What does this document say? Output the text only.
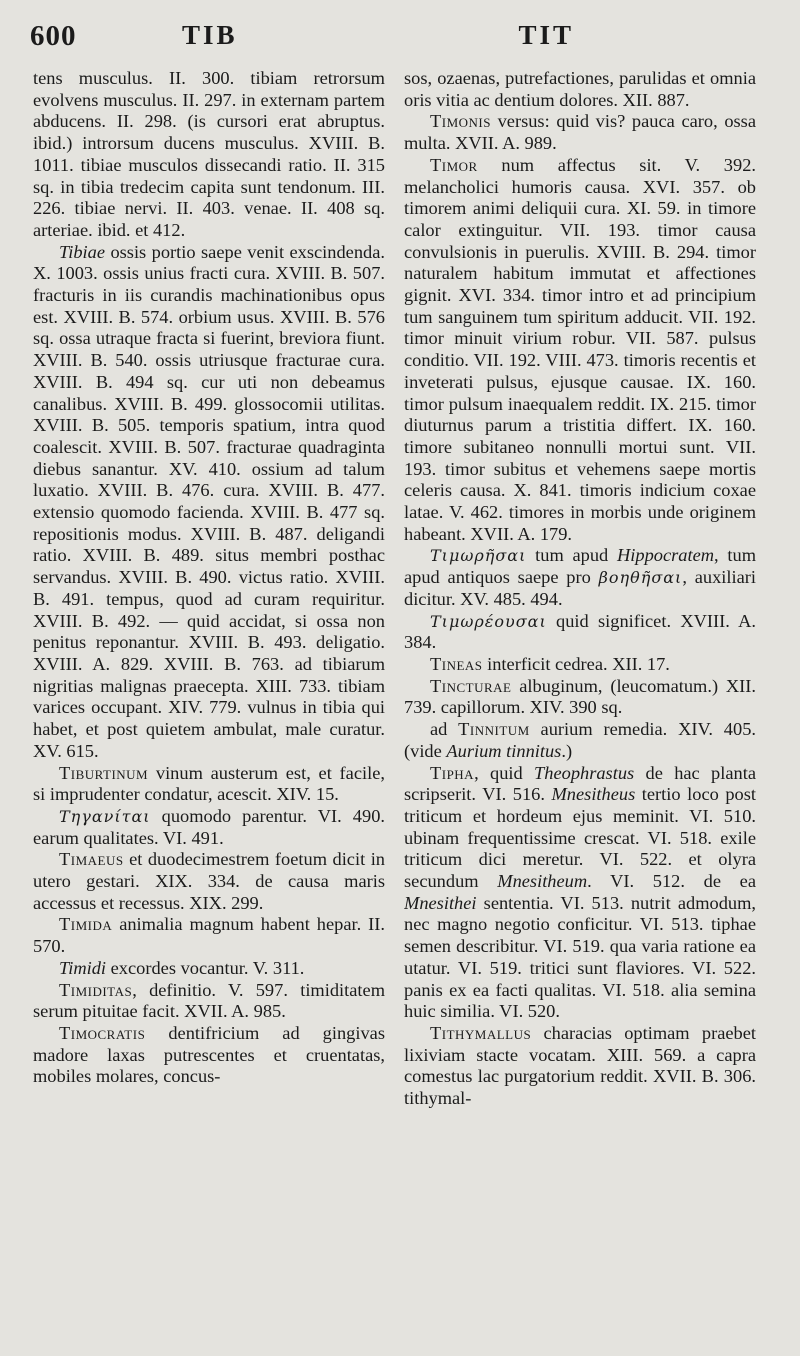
600	TIB	TIT

tens musculus. II. 300. tibiam retrorsum evolvens musculus. II. 297. in externam partem abducens. II. 298. (is cursori erat abruptus. ibid.) introrsum ducens musculus. XVIII. B. 1011. tibiae musculos dissecandi ratio. II. 315 sq. in tibia tredecim capita sunt tendonum. III. 226. tibiae nervi. II. 403. venae. II. 408 sq. arteriae. ibid. et 412.

Tibiae ossis portio saepe venit exscindenda. X. 1003. ossis unius fracti cura. XVIII. B. 507. fracturis in iis curandis machinationibus opus est. XVIII. B. 574. orbium usus. XVIII. B. 576 sq. ossa utraque fracta si fuerint, breviora fiunt. XVIII. B. 540. ossis utriusque fracturae cura. XVIII. B. 494 sq. cur uti non debeamus canalibus. XVIII. B. 499. glossocomii utilitas. XVIII. B. 505. temporis spatium, intra quod coalescit. XVIII. B. 507. fracturae quadraginta diebus sanantur. XV. 410. ossium ad talum luxatio. XVIII. B. 476. cura. XVIII. B. 477. extensio quomodo facienda. XVIII. B. 477 sq. repositionis modus. XVIII. B. 487. deligandi ratio. XVIII. B. 489. situs membri posthac servandus. XVIII. B. 490. victus ratio. XVIII. B. 491. tempus, quod ad curam requiritur. XVIII. B. 492. — quid accidat, si ossa non penitus reponantur. XVIII. B. 493. deligatio. XVIII. A. 829. XVIII. B. 763. ad tibiarum nigritias malignas praecepta. XIII. 733. tibiam varices occupant. XIV. 779. vulnus in tibia qui habet, et post quietem ambulat, male curatur. XV. 615.

Tiburtinum vinum austerum est, et facile, si imprudenter condatur, acescit. XIV. 15.

Τηγανίται quomodo parentur. VI. 490. earum qualitates. VI. 491.

Timaeus et duodecimestrem foetum dicit in utero gestari. XIX. 334. de causa maris accessus et recessus. XIX. 299.

Timida animalia magnum habent hepar. II. 570.

Timidi excordes vocantur. V. 311.

Timiditas, definitio. V. 597. timiditatem serum pituitae facit. XVII. A. 985.

Timocratis dentifricium ad gingivas madore laxas putrescentes et cruentatas, mobiles molares, concus-

sos, ozaenas, putrefactiones, parulidas et omnia oris vitia ac dentium dolores. XII. 887.

Timonis versus: quid vis? pauca caro, ossa multa. XVII. A. 989.

Timor num affectus sit. V. 392. melancholici humoris causa. XVI. 357. ob timorem animi deliquii cura. XI. 59. in timore calor extinguitur. VII. 193. timor causa convulsionis in puerulis. XVIII. B. 294. timor naturalem habitum immutat et affectiones gignit. XVI. 334. timor intro et ad principium tum sanguinem tum spiritum adducit. VII. 192. timor minuit virium robur. VII. 587. pulsus conditio. VII. 192. VIII. 473. timoris recentis et inveterati pulsus, ejusque causae. IX. 160. timor pulsum inaequalem reddit. IX. 215. timor diuturnus parum a tristitia differt. IX. 160. timore subitaneo nonnulli mortui sunt. VII. 193. timor subitus et vehemens saepe mortis celeris causa. X. 841. timoris indicium coxae latae. V. 462. timores in morbis unde originem habeant. XVII. A. 179.

Τιμωρῆσαι tum apud Hippocratem, tum apud antiquos saepe pro βοηθῆσαι, auxiliari dicitur. XV. 485. 494.

Τιμωρέουσαι quid significet. XVIII. A. 384.

Tineas interficit cedrea. XII. 17.

Tincturae albuginum, (leucomatum.) XII. 739. capillorum. XIV. 390 sq.

ad Tinnitum aurium remedia. XIV. 405. (vide Aurium tinnitus.)

Tipha, quid Theophrastus de hac planta scripserit. VI. 516. Mnesitheus tertio loco post triticum et hordeum ejus meminit. VI. 510. ubinam frequentissime crescat. VI. 518. exile triticum dici meretur. VI. 522. et olyra secundum Mnesitheum. VI. 512. de ea Mnesithei sententia. VI. 513. nutrit admodum, nec magno negotio conficitur. VI. 513. tiphae semen describitur. VI. 519. qua varia ratione ea utatur. VI. 519. tritici sunt flaviores. VI. 522. panis ex ea facti qualitas. VI. 518. alia semina huic similia. VI. 520.

Tithymallus characias optimam praebet lixiviam stacte vocatam. XIII. 569. a capra comestus lac purgatorium reddit. XVII. B. 306. tithymal-
